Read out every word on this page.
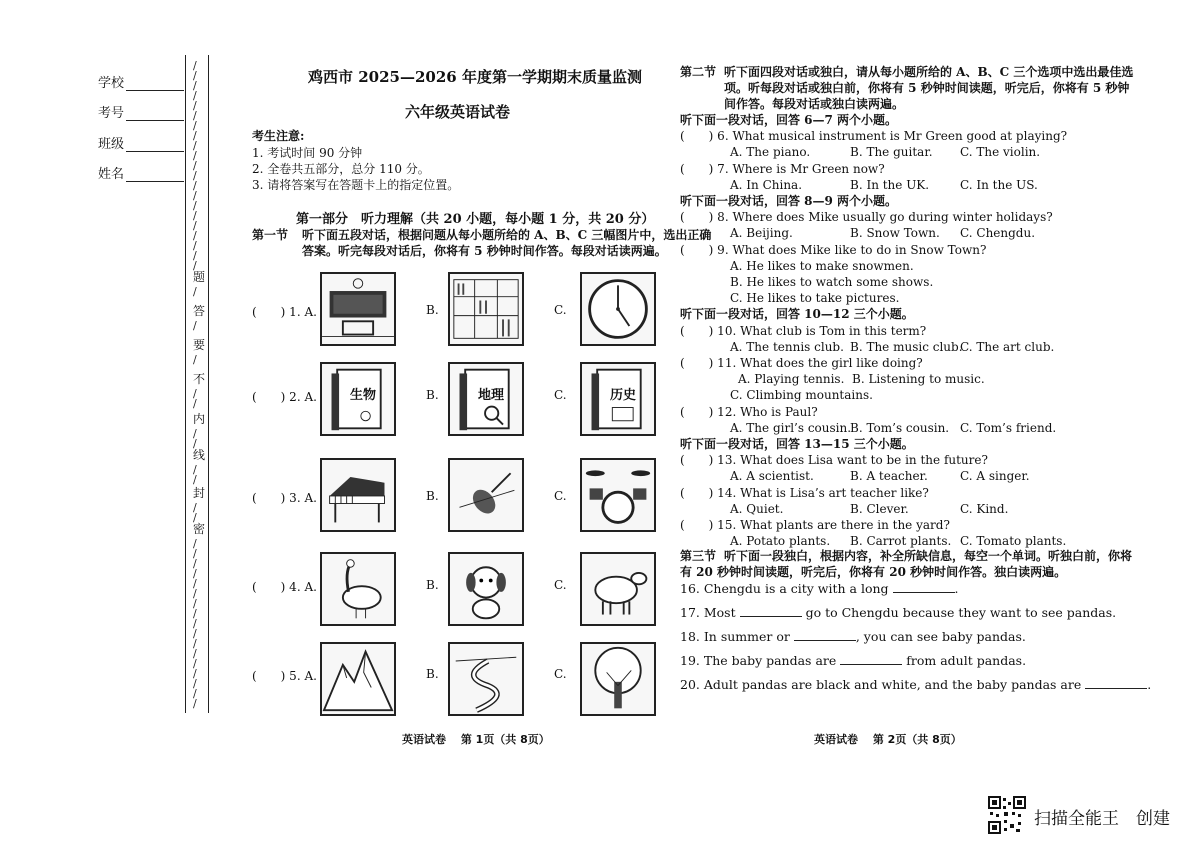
学校
考号
班级
姓名
/
/
/
/
/
/
/
/
/
/
/
/
/
/
/
/
/
/
/
/
/
题
/
答
/
要
/
不
/
/
内
/
/
线
/
/
封
/
/
密
/
/
/
/
/
/
/
/
/
/
/
/
/
/
/
/
/
鸡西市 2025—2026 年度第一学期期末质量监测
六年级英语试卷
考生注意:
1. 考试时间 90 分钟
2. 全卷共五部分，总分 110 分。
3. 请将答案写在答题卡上的指定位置。
第一部分　听力理解（共 20 小题，每小题 1 分，共 20 分）
第一节 听下面五段对话，根据问题从每小题所给的 A、B、C 三幅图片中，选出正确
答案。听完每段对话后，你将有 5 秒钟时间作答。每段对话读两遍。
(　　) 1. A.	B.	C.
(　　) 2. A.	B.	C.
(　　) 3. A.	B.	C.
(　　) 4. A.	B.	C.
(　　) 5. A.	B.	C.
生物	地理	历史
英语试卷　 第 1页（共 8页）
第二节 听下面四段对话或独白，请从每小题所给的 A、B、C 三个选项中选出最佳选
项。听每段对话或独白前，你将有 5 秒钟时间读题，听完后，你将有 5 秒钟
间作答。每段对话或独白读两遍。
听下面一段对话，回答 6—7 两个小题。
(　　) 6. What musical instrument is Mr Green good at playing?
A. The piano.	B. The guitar. C. The violin.
(　　) 7. Where is Mr Green now?
A. In China.	B. In the UK.	C. In the US.
听下面一段对话，回答 8—9 两个小题。
(　　) 8. Where does Mike usually go during winter holidays?
A. Beijing.	B. Snow Town. C. Chengdu.
(　　) 9. What does Mike like to do in Snow Town?
A. He likes to make snowmen.
B. He likes to watch some shows.
C. He likes to take pictures.
听下面一段对话，回答 10—12 三个小题。
(　　) 10. What club is Tom in this term?
A. The tennis club. B. The music club.
C. The art club.
(　　) 11. What does the girl like doing?
A. Playing tennis. B. Listening to music.
C. Climbing mountains.
(　　) 12. Who is Paul?
A. The girl’s cousin.
B. Tom’s cousin. C. Tom’s friend.
听下面一段对话，回答 13—15 三个小题。
(　　) 13. What does Lisa want to be in the future?
A. A scientist.	B. A teacher.	C. A singer.
(　　) 14. What is Lisa’s art teacher like?
A. Quiet.	B. Clever.	C. Kind.
(　　) 15. What plants are there in the yard?
A. Potato plants. B. Carrot plants. C. Tomato plants.
第三节 听下面一段独白，根据内容，补全所缺信息，每空一个单词。听独白前，你将
有 20 秒钟时间读题，听完后，你将有 20 秒钟时间作答。独白读两遍。
16. Chengdu is a city with a long	.
17. Most	go to Chengdu because they want to see pandas.
18. In summer or	, you can see baby pandas.
19. The baby pandas are	from adult pandas.
20. Adult pandas are black and white, and the baby pandas are	.
英语试卷　 第 2页（共 8页）
扫描全能王　创建
